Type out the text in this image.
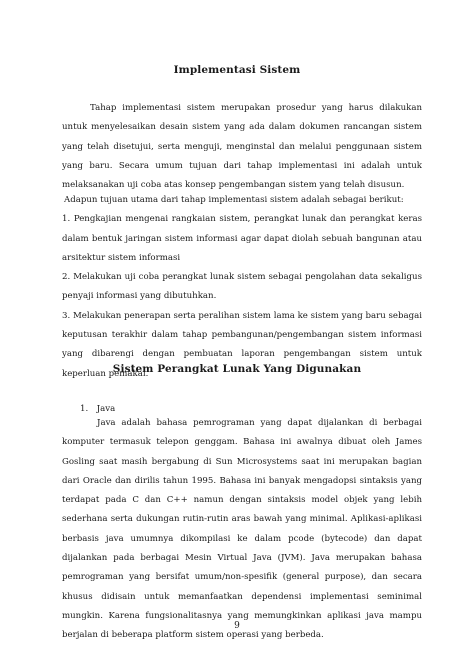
Implementasi Sistem
Tahap implementasi sistem merupakan prosedur yang harus dilakukan untuk menyelesaikan desain sistem yang ada dalam dokumen rancangan sistem yang telah disetujui, serta menguji, menginstal dan melalui penggunaan sistem yang baru. Secara umum tujuan dari tahap implementasi ini adalah untuk melaksanakan uji coba atas konsep pengembangan sistem yang telah disusun.
Adapun tujuan utama dari tahap implementasi sistem adalah sebagai berikut:
1. Pengkajian mengenai rangkaian sistem, perangkat lunak dan perangkat keras dalam bentuk jaringan sistem informasi agar dapat diolah sebuah bangunan atau arsitektur sistem informasi
2. Melakukan uji coba perangkat lunak sistem sebagai pengolahan data sekaligus penyaji informasi yang dibutuhkan.
3. Melakukan penerapan serta peralihan sistem lama ke sistem yang baru sebagai keputusan terakhir dalam tahap pembangunan/pengembangan sistem informasi yang dibarengi dengan pembuatan laporan pengembangan sistem untuk keperluan pemakai.
Sistem Perangkat Lunak Yang Digunakan
1. Java
Java adalah bahasa pemrograman yang dapat dijalankan di berbagai komputer termasuk telepon genggam. Bahasa ini awalnya dibuat oleh James Gosling saat masih bergabung di Sun Microsystems saat ini merupakan bagian dari Oracle dan dirilis tahun 1995. Bahasa ini banyak mengadopsi sintaksis yang terdapat pada C dan C++ namun dengan sintaksis model objek yang lebih sederhana serta dukungan rutin-rutin aras bawah yang minimal. Aplikasi-aplikasi berbasis java umumnya dikompilasi ke dalam pcode (bytecode) dan dapat dijalankan pada berbagai Mesin Virtual Java (JVM). Java merupakan bahasa pemrograman yang bersifat umum/non-spesifik (general purpose), dan secara khusus didisain untuk memanfaatkan dependensi implementasi seminimal mungkin. Karena fungsionalitasnya yang memungkinkan aplikasi java mampu berjalan di beberapa platform sistem operasi yang berbeda.
9
